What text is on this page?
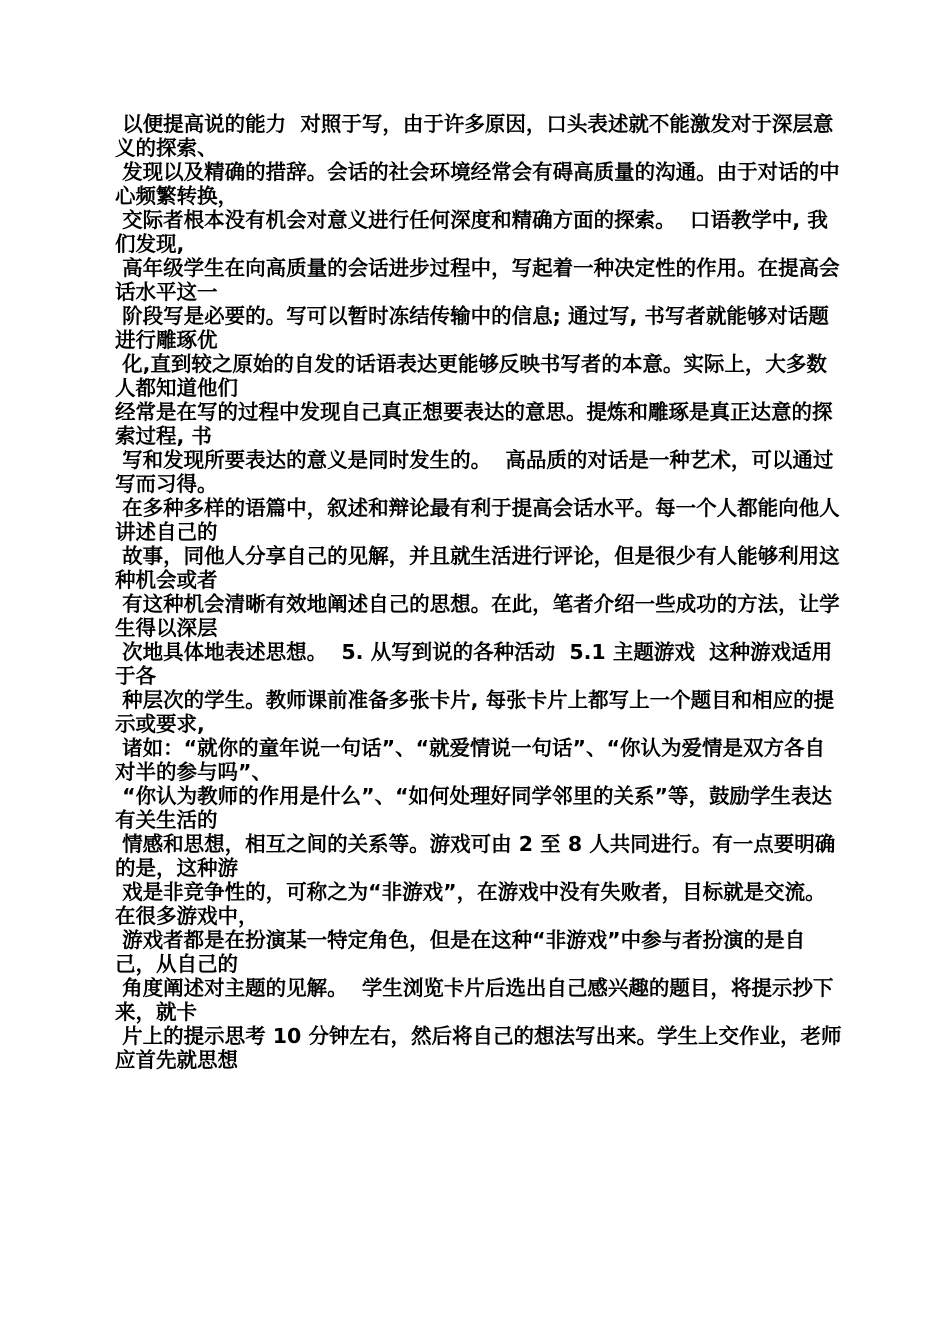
以便提高说的能力  对照于写，由于许多原因，口头表述就不能激发对于深层意义的探索、

发现以及精确的措辞。会话的社会环境经常会有碍高质量的沟通。由于对话的中心频繁转换，

交际者根本没有机会对意义进行任何深度和精确方面的探索。  口语教学中, 我们发现,

高年级学生在向高质量的会话进步过程中，写起着一种决定性的作用。在提高会话水平这一

阶段写是必要的。写可以暂时冻结传输中的信息; 通过写, 书写者就能够对话题进行雕琢优

化,直到较之原始的自发的话语表达更能够反映书写者的本意。实际上，大多数人都知道他们

经常是在写的过程中发现自己真正想要表达的意思。提炼和雕琢是真正达意的探索过程, 书

写和发现所要表达的意义是同时发生的。  高品质的对话是一种艺术，可以通过写而习得。

在多种多样的语篇中，叙述和辩论最有利于提高会话水平。每一个人都能向他人讲述自己的

故事，同他人分享自己的见解，并且就生活进行评论，但是很少有人能够利用这种机会或者

有这种机会清晰有效地阐述自己的思想。在此，笔者介绍一些成功的方法，让学生得以深层

次地具体地表述思想。  5. 从写到说的各种活动  5.1 主题游戏  这种游戏适用于各

种层次的学生。教师课前准备多张卡片, 每张卡片上都写上一个题目和相应的提示或要求,

诸如：“就你的童年说一句话”、“就爱情说一句话”、“你认为爱情是双方各自对半的参与吗”、

“你认为教师的作用是什么”、“如何处理好同学邻里的关系”等，鼓励学生表达有关生活的

情感和思想，相互之间的关系等。游戏可由 2 至 8 人共同进行。有一点要明确的是，这种游

戏是非竞争性的，可称之为“非游戏”，在游戏中没有失败者，目标就是交流。在很多游戏中，

游戏者都是在扮演某一特定角色，但是在这种“非游戏”中参与者扮演的是自己，从自己的

角度阐述对主题的见解。  学生浏览卡片后选出自己感兴趣的题目，将提示抄下来，就卡

片上的提示思考 10 分钟左右，然后将自己的想法写出来。学生上交作业，老师应首先就思想
